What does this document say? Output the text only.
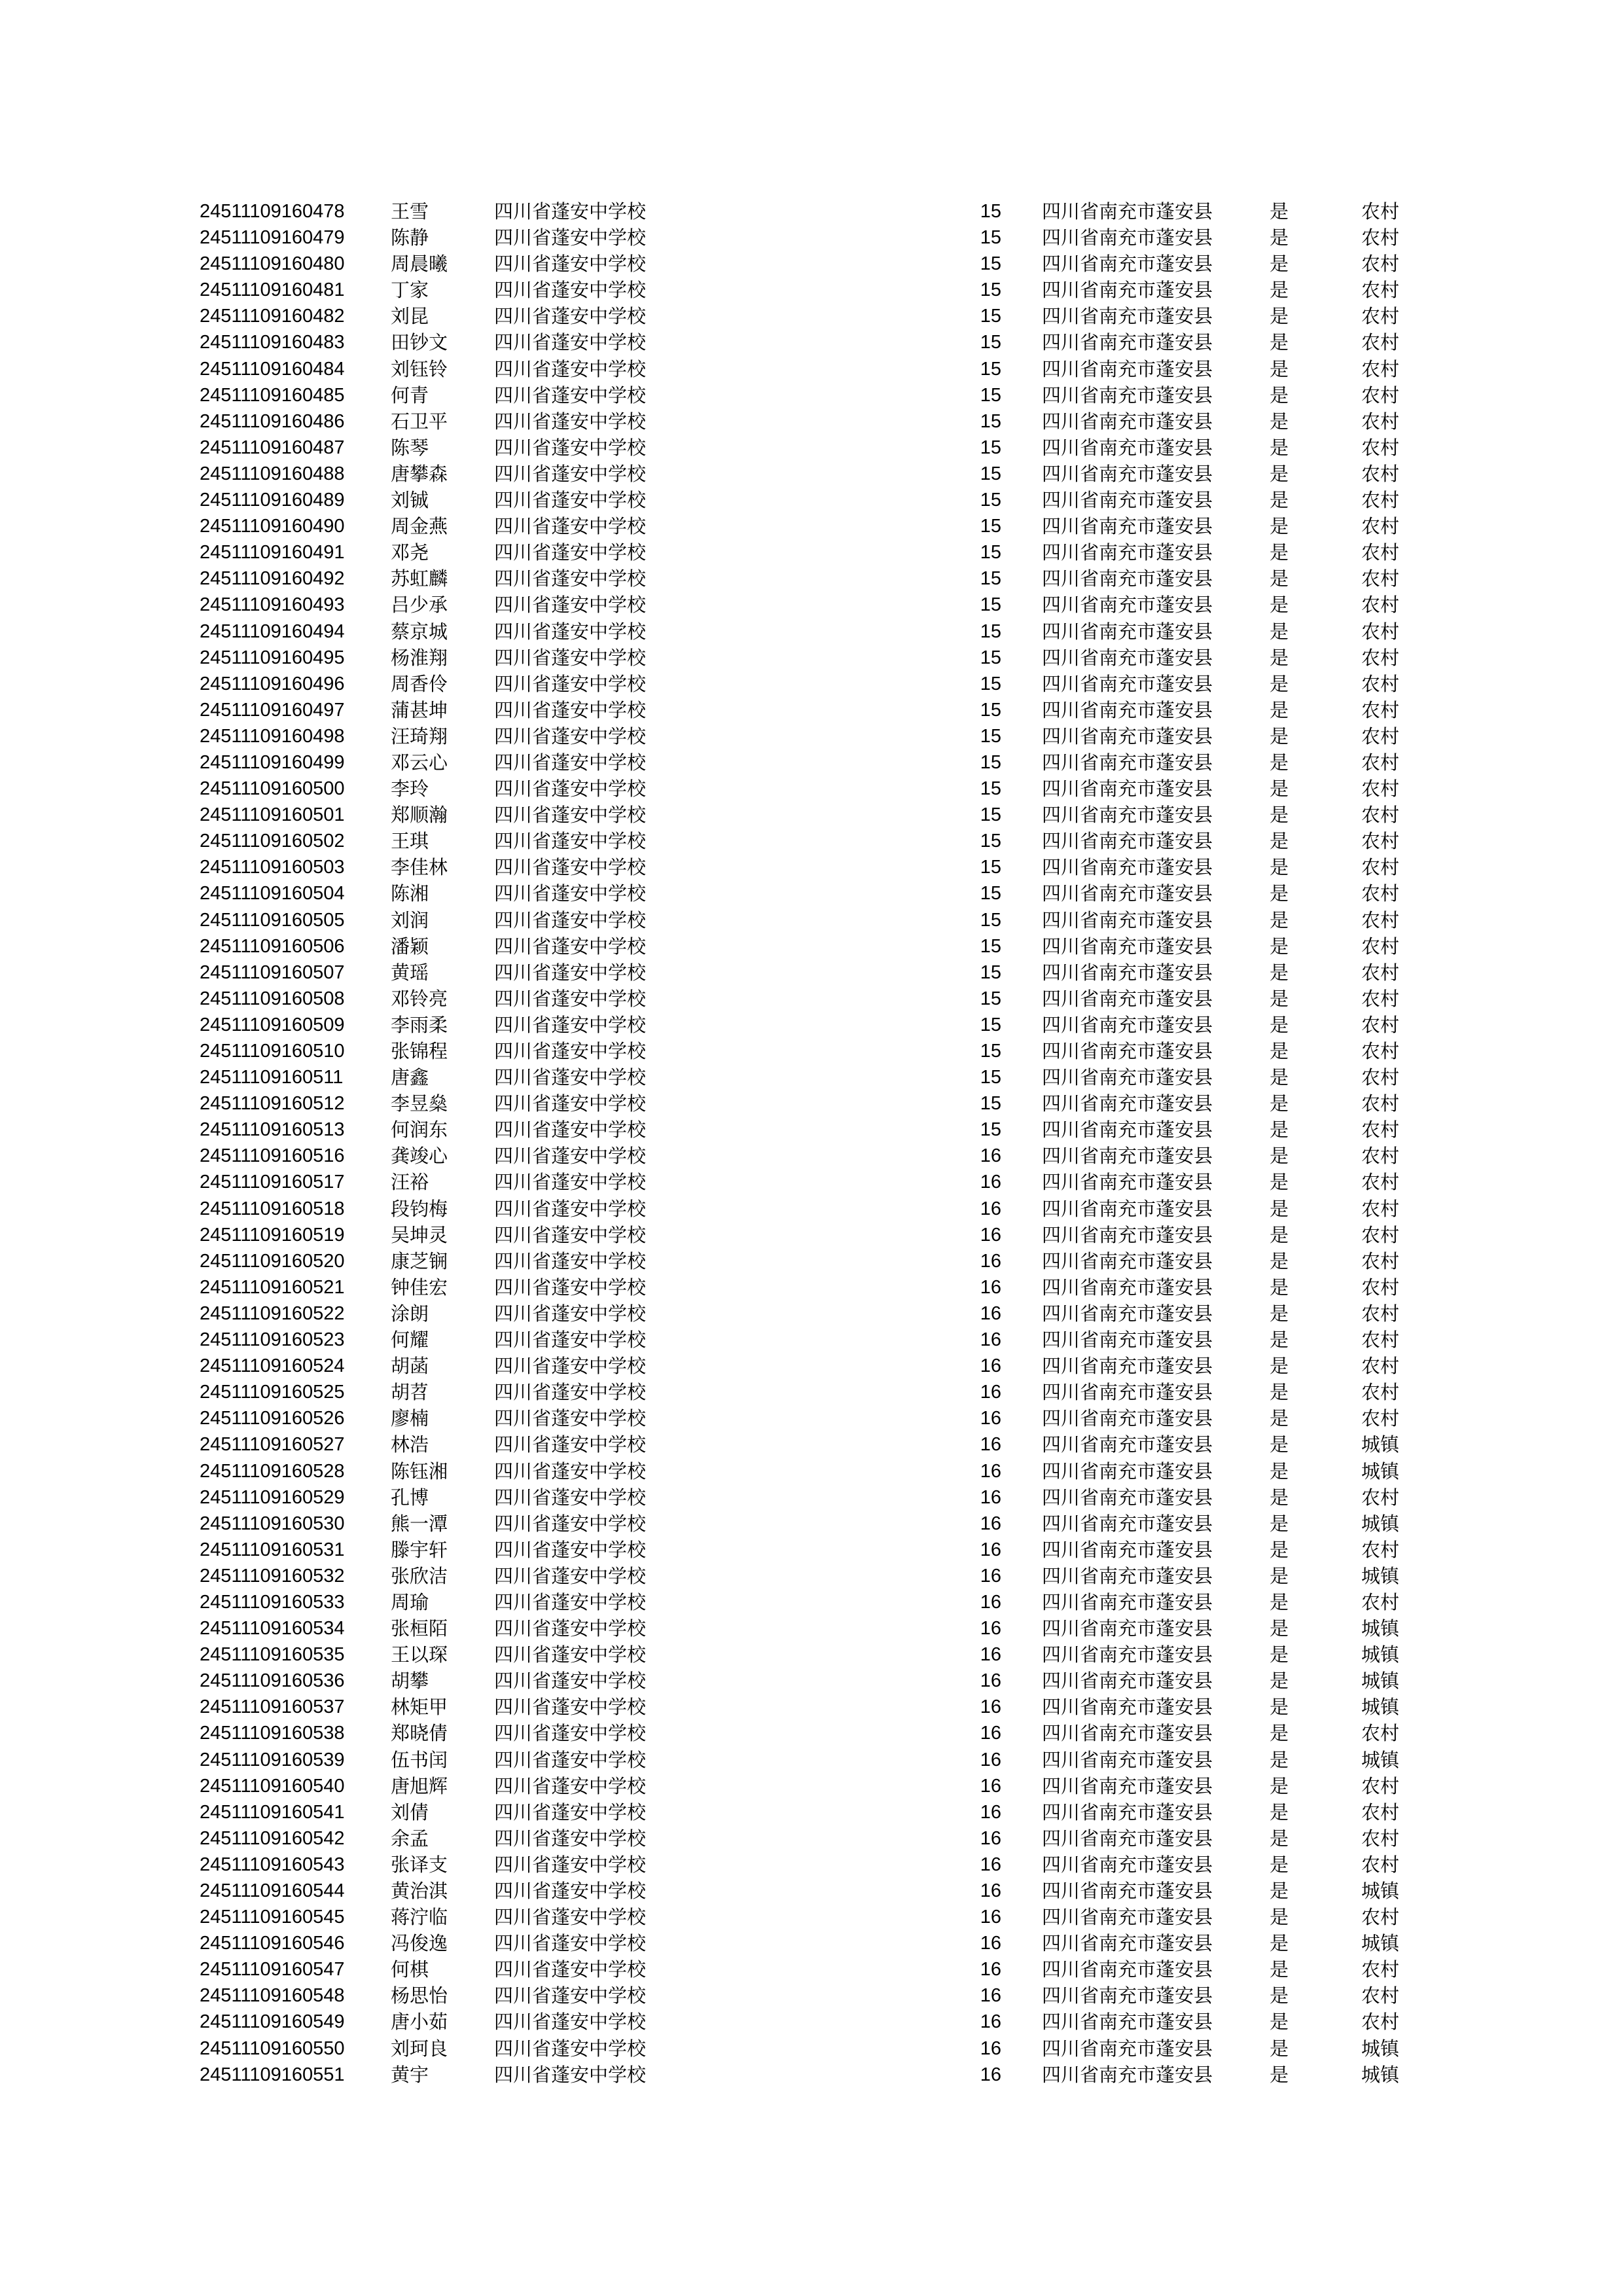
24511109160478 王雪	四川省蓬安中学校	15 四川省南充市蓬安县	是	农村
24511109160479 陈静	四川省蓬安中学校	15 四川省南充市蓬安县	是	农村
24511109160480 周晨曦 四川省蓬安中学校	15 四川省南充市蓬安县	是	农村
24511109160481 丁家	四川省蓬安中学校	15 四川省南充市蓬安县	是	农村
24511109160482 刘昆	四川省蓬安中学校	15 四川省南充市蓬安县	是	农村
24511109160483 田钞文 四川省蓬安中学校	15 四川省南充市蓬安县	是	农村
24511109160484 刘钰铃 四川省蓬安中学校	15 四川省南充市蓬安县	是	农村
24511109160485 何青	四川省蓬安中学校	15 四川省南充市蓬安县	是	农村
24511109160486 石卫平 四川省蓬安中学校	15 四川省南充市蓬安县	是	农村
24511109160487 陈琴	四川省蓬安中学校	15 四川省南充市蓬安县	是	农村
24511109160488 唐攀森 四川省蓬安中学校	15 四川省南充市蓬安县	是	农村
24511109160489 刘铖	四川省蓬安中学校	15 四川省南充市蓬安县	是	农村
24511109160490 周金燕 四川省蓬安中学校	15 四川省南充市蓬安县	是	农村
24511109160491 邓尧	四川省蓬安中学校	15 四川省南充市蓬安县	是	农村
24511109160492 苏虹麟 四川省蓬安中学校	15 四川省南充市蓬安县	是	农村
24511109160493 吕少承 四川省蓬安中学校	15 四川省南充市蓬安县	是	农村
24511109160494 蔡京城 四川省蓬安中学校	15 四川省南充市蓬安县	是	农村
24511109160495 杨淮翔 四川省蓬安中学校	15 四川省南充市蓬安县	是	农村
24511109160496 周香伶 四川省蓬安中学校	15 四川省南充市蓬安县	是	农村
24511109160497 蒲甚坤 四川省蓬安中学校	15 四川省南充市蓬安县	是	农村
24511109160498 汪琦翔 四川省蓬安中学校	15 四川省南充市蓬安县	是	农村
24511109160499 邓云心 四川省蓬安中学校	15 四川省南充市蓬安县	是	农村
24511109160500 李玲	四川省蓬安中学校	15 四川省南充市蓬安县	是	农村
24511109160501 郑顺瀚 四川省蓬安中学校	15 四川省南充市蓬安县	是	农村
24511109160502 王琪	四川省蓬安中学校	15 四川省南充市蓬安县	是	农村
24511109160503 李佳林 四川省蓬安中学校	15 四川省南充市蓬安县	是	农村
24511109160504 陈湘	四川省蓬安中学校	15 四川省南充市蓬安县	是	农村
24511109160505 刘润	四川省蓬安中学校	15 四川省南充市蓬安县	是	农村
24511109160506 潘颖	四川省蓬安中学校	15 四川省南充市蓬安县	是	农村
24511109160507 黄瑶	四川省蓬安中学校	15 四川省南充市蓬安县	是	农村
24511109160508 邓铃亮 四川省蓬安中学校	15 四川省南充市蓬安县	是	农村
24511109160509 李雨柔 四川省蓬安中学校	15 四川省南充市蓬安县	是	农村
24511109160510 张锦程 四川省蓬安中学校	15 四川省南充市蓬安县	是	农村
24511109160511	唐鑫	四川省蓬安中学校	15 四川省南充市蓬安县	是	农村
24511109160512 李昱燊 四川省蓬安中学校	15 四川省南充市蓬安县	是	农村
24511109160513 何润东 四川省蓬安中学校	15 四川省南充市蓬安县	是	农村
24511109160516 龚竣心 四川省蓬安中学校	16 四川省南充市蓬安县	是	农村
24511109160517 汪裕	四川省蓬安中学校	16 四川省南充市蓬安县	是	农村
24511109160518 段钧梅 四川省蓬安中学校	16 四川省南充市蓬安县	是	农村
24511109160519 吴坤灵 四川省蓬安中学校	16 四川省南充市蓬安县	是	农村
24511109160520 康芝锎 四川省蓬安中学校	16 四川省南充市蓬安县	是	农村
24511109160521 钟佳宏 四川省蓬安中学校	16 四川省南充市蓬安县	是	农村
24511109160522 涂朗	四川省蓬安中学校	16 四川省南充市蓬安县	是	农村
24511109160523 何耀	四川省蓬安中学校	16 四川省南充市蓬安县	是	农村
24511109160524 胡菡	四川省蓬安中学校	16 四川省南充市蓬安县	是	农村
24511109160525 胡苕	四川省蓬安中学校	16 四川省南充市蓬安县	是	农村
24511109160526 廖楠	四川省蓬安中学校	16 四川省南充市蓬安县	是	农村
24511109160527 林浩	四川省蓬安中学校	16 四川省南充市蓬安县	是	城镇
24511109160528 陈钰湘 四川省蓬安中学校	16 四川省南充市蓬安县	是	城镇
24511109160529 孔博	四川省蓬安中学校	16 四川省南充市蓬安县	是	农村
24511109160530 熊一潭 四川省蓬安中学校	16 四川省南充市蓬安县	是	城镇
24511109160531 滕宇轩 四川省蓬安中学校	16 四川省南充市蓬安县	是	农村
24511109160532 张欣洁 四川省蓬安中学校	16 四川省南充市蓬安县	是	城镇
24511109160533 周瑜	四川省蓬安中学校	16 四川省南充市蓬安县	是	农村
24511109160534 张桓陌 四川省蓬安中学校	16 四川省南充市蓬安县	是	城镇
24511109160535 王以琛 四川省蓬安中学校	16 四川省南充市蓬安县	是	城镇
24511109160536 胡攀	四川省蓬安中学校	16 四川省南充市蓬安县	是	城镇
24511109160537 林矩甲 四川省蓬安中学校	16 四川省南充市蓬安县	是	城镇
24511109160538 郑晓倩 四川省蓬安中学校	16 四川省南充市蓬安县	是	农村
24511109160539 伍书闰 四川省蓬安中学校	16 四川省南充市蓬安县	是	城镇
24511109160540 唐旭辉 四川省蓬安中学校	16 四川省南充市蓬安县	是	农村
24511109160541 刘倩	四川省蓬安中学校	16 四川省南充市蓬安县	是	农村
24511109160542 余孟	四川省蓬安中学校	16 四川省南充市蓬安县	是	农村
24511109160543 张译支 四川省蓬安中学校	16 四川省南充市蓬安县	是	农村
24511109160544 黄治淇 四川省蓬安中学校	16 四川省南充市蓬安县	是	城镇
24511109160545 蒋泞临 四川省蓬安中学校	16 四川省南充市蓬安县	是	农村
24511109160546 冯俊逸 四川省蓬安中学校	16 四川省南充市蓬安县	是	城镇
24511109160547 何棋	四川省蓬安中学校	16 四川省南充市蓬安县	是	农村
24511109160548 杨思怡 四川省蓬安中学校	16 四川省南充市蓬安县	是	农村
24511109160549 唐小茹 四川省蓬安中学校	16 四川省南充市蓬安县	是	农村
24511109160550 刘珂良 四川省蓬安中学校	16 四川省南充市蓬安县	是	城镇
24511109160551 黄宇	四川省蓬安中学校	16 四川省南充市蓬安县	是	城镇
